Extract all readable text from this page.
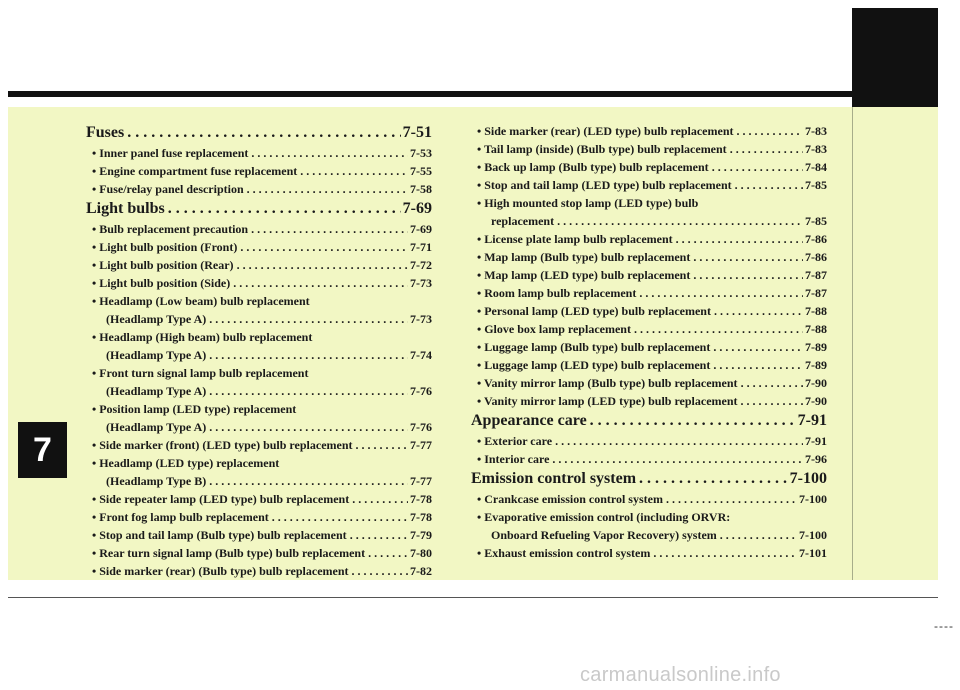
7
Fuses . . .	7-51
• Inner panel fuse replacement . . .	7-53
• Engine compartment fuse replacement . . .	7-55
• Fuse/relay panel description . . .	7-58
Light bulbs . . .	7-69
• Bulb replacement precaution . . .	7-69
• Light bulb position (Front) . . .	7-71
• Light bulb position (Rear) . . .	7-72
• Light bulb position (Side) . . .	7-73
• Headlamp (Low beam) bulb replacement
(Headlamp Type A) . . .	7-73
• Headlamp (High beam) bulb replacement
(Headlamp Type A) . . .	7-74
• Front turn signal lamp bulb replacement
(Headlamp Type A) . . .	7-76
• Position lamp (LED type) replacement
(Headlamp Type A) . . .	7-76
• Side marker (front) (LED type) bulb replacement . . .	7-77
• Headlamp (LED type) replacement
(Headlamp Type B) . . .	7-77
• Side repeater lamp (LED type) bulb replacement . . .	7-78
• Front fog lamp bulb replacement . . .	7-78
• Stop and tail lamp (Bulb type) bulb replacement . . .	7-79
• Rear turn signal lamp (Bulb type) bulb replacement . . .	7-80
• Side marker (rear) (Bulb type) bulb replacement . . .	7-82
• Side marker (rear) (LED type) bulb replacement . . .	7-83
• Tail lamp (inside) (Bulb type) bulb replacement . . .	7-83
• Back up lamp (Bulb type) bulb replacement . . .	7-84
• Stop and tail lamp (LED type) bulb replacement . . .	7-85
• High mounted stop lamp (LED type) bulb
replacement . . .	7-85
• License plate lamp bulb replacement . . .	7-86
• Map lamp (Bulb type) bulb replacement . . .	7-86
• Map lamp (LED type) bulb replacement . . .	7-87
• Room lamp bulb replacement . . .	7-87
• Personal lamp (LED type) bulb replacement . . .	7-88
• Glove box lamp replacement . . .	7-88
• Luggage lamp (Bulb type) bulb replacement . . .	7-89
• Luggage lamp (LED type) bulb replacement . . .	7-89
• Vanity mirror lamp (Bulb type) bulb replacement . . .	7-90
• Vanity mirror lamp (LED type) bulb replacement . . .	7-90
Appearance care . . .	7-91
• Exterior care . . .	7-91
• Interior care . . .	7-96
Emission control system . . .	7-100
• Crankcase emission control system . . .	7-100
• Evaporative emission control (including ORVR:
Onboard Refueling Vapor Recovery) system . . .	7-100
• Exhaust emission control system . . .	7-101
----
carmanualsonline.info
